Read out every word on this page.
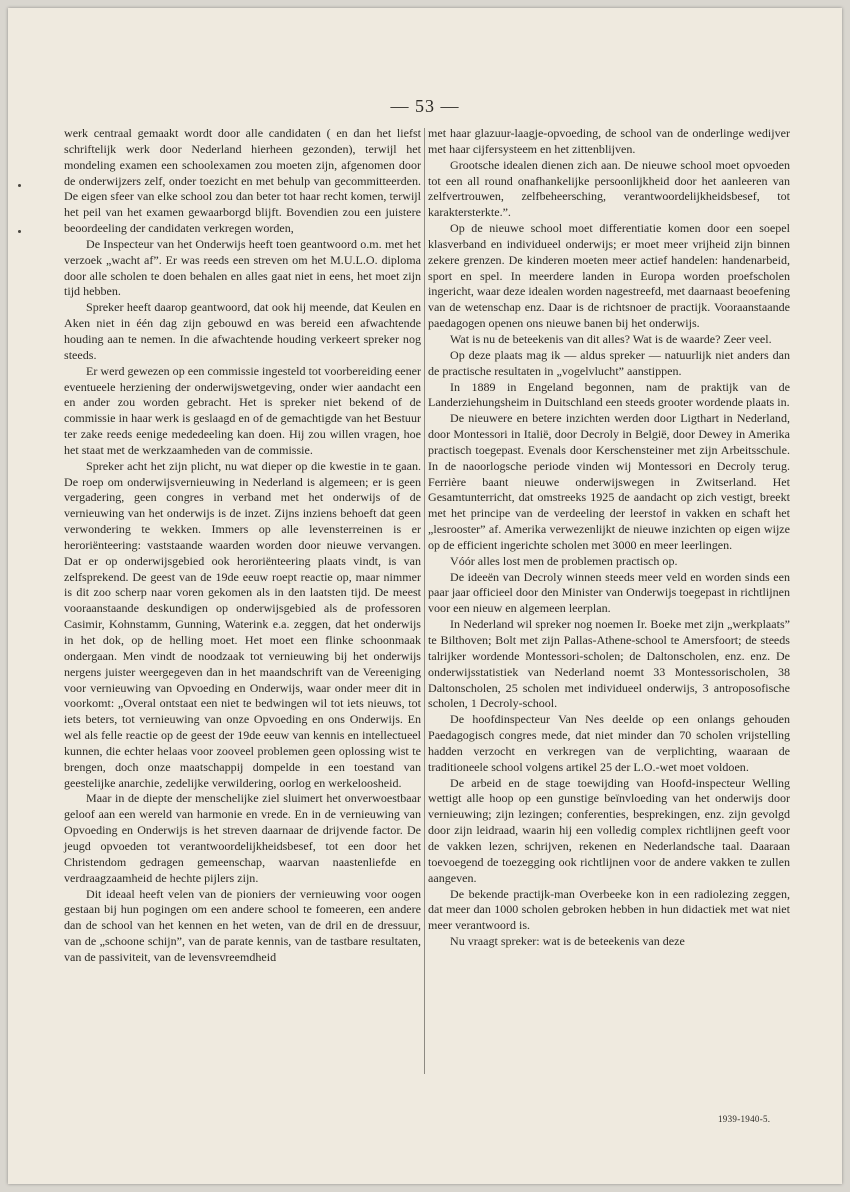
— 53 —

werk centraal gemaakt wordt door alle candidaten ( en dan het liefst schriftelijk werk door Nederland hierheen gezonden), terwijl het mondeling examen een schoolexamen zou moeten zijn, afgenomen door de onderwijzers zelf, onder toezicht en met behulp van gecommitteerden. De eigen sfeer van elke school zou dan beter tot haar recht komen, terwijl het peil van het examen gewaarborgd blijft. Bovendien zou een juistere beoordeeling der candidaten verkregen worden,

De Inspecteur van het Onderwijs heeft toen geantwoord o.m. met het verzoek „wacht af”. Er was reeds een streven om het M.U.L.O. diploma door alle scholen te doen behalen en alles gaat niet in eens, het moet zijn tijd hebben.

Spreker heeft daarop geantwoord, dat ook hij meende, dat Keulen en Aken niet in één dag zijn gebouwd en was bereid een afwachtende houding aan te nemen. In die afwachtende houding verkeert spreker nog steeds.

Er werd gewezen op een commissie ingesteld tot voorbereiding eener eventueele herziening der onderwijswetgeving, onder wier aandacht een en ander zou worden gebracht. Het is spreker niet bekend of de commissie in haar werk is geslaagd en of de gemachtigde van het Bestuur ter zake reeds eenige mededeeling kan doen. Hij zou willen vragen, hoe het staat met de werkzaamheden van de commissie.

Spreker acht het zijn plicht, nu wat dieper op die kwestie in te gaan. De roep om onderwijsvernieuwing in Nederland is algemeen; er is geen vergadering, geen congres in verband met het onderwijs of de vernieuwing van het onderwijs is de inzet. Zijns inziens behoeft dat geen verwondering te wekken. Immers op alle levensterreinen is er heroriënteering: vaststaande waarden worden door nieuwe vervangen. Dat er op onderwijsgebied ook heroriënteering plaats vindt, is van zelfsprekend. De geest van de 19de eeuw roept reactie op, maar nimmer is dit zoo scherp naar voren gekomen als in den laatsten tijd. De meest vooraanstaande deskundigen op onderwijsgebied als de professoren Casimir, Kohnstamm, Gunning, Waterink e.a. zeggen, dat het onderwijs in het dok, op de helling moet. Het moet een flinke schoonmaak ondergaan. Men vindt de noodzaak tot vernieuwing bij het onderwijs nergens juister weergegeven dan in het maandschrift van de Vereeniging voor vernieuwing van Opvoeding en Onderwijs, waar onder meer dit in voorkomt: „Overal ontstaat een niet te bedwingen wil tot iets nieuws, tot iets beters, tot vernieuwing van onze Opvoeding en ons Onderwijs. En wel als felle reactie op de geest der 19de eeuw van kennis en intellectueel kunnen, die echter helaas voor zooveel problemen geen oplossing wist te brengen, doch onze maatschappij dompelde in een toestand van geestelijke anarchie, zedelijke verwildering, oorlog en werkeloosheid.

Maar in de diepte der menschelijke ziel sluimert het onverwoestbaar geloof aan een wereld van harmonie en vrede. En in de vernieuwing van Opvoeding en Onderwijs is het streven daarnaar de drijvende factor. De jeugd opvoeden tot verantwoordelijkheidsbesef, tot een door het Christendom gedragen gemeenschap, waarvan naastenliefde en verdraagzaamheid de hechte pijlers zijn.

Dit ideaal heeft velen van de pioniers der vernieuwing voor oogen gestaan bij hun pogingen om een andere school te fomeeren, een andere dan de school van het kennen en het weten, van de dril en de dressuur, van de „schoone schijn”, van de parate kennis, van de tastbare resultaten, van de passiviteit, van de levensvreemdheid

met haar glazuur-laagje-opvoeding, de school van de onderlinge wedijver met haar cijfersysteem en het zittenblijven.

Grootsche idealen dienen zich aan. De nieuwe school moet opvoeden tot een all round onafhankelijke persoonlijkheid door het aanleeren van zelfvertrouwen, zelfbeheersching, verantwoordelijkheidsbesef, tot karaktersterkte.”.

Op de nieuwe school moet differentiatie komen door een soepel klasverband en individueel onderwijs; er moet meer vrijheid zijn binnen zekere grenzen. De kinderen moeten meer actief handelen: handenarbeid, sport en spel. In meerdere landen in Europa worden proefscholen ingericht, waar deze idealen worden nagestreefd, met daarnaast beoefening van de wetenschap enz. Daar is de richtsnoer de practijk. Vooraanstaande paedagogen openen ons nieuwe banen bij het onderwijs.

Wat is nu de beteekenis van dit alles? Wat is de waarde? Zeer veel.

Op deze plaats mag ik — aldus spreker — natuurlijk niet anders dan de practische resultaten in „vogelvlucht” aanstippen.

In 1889 in Engeland begonnen, nam de praktijk van de Landerziehungsheim in Duitschland een steeds grooter wordende plaats in.

De nieuwere en betere inzichten werden door Ligthart in Nederland, door Montessori in Italië, door Decroly in België, door Dewey in Amerika practisch toegepast. Evenals door Kerschensteiner met zijn Arbeitsschule. In de naoorlogsche periode vinden wij Montessori en Decroly terug. Ferrière baant nieuwe onderwijswegen in Zwitserland. Het Gesamtunterricht, dat omstreeks 1925 de aandacht op zich vestigt, breekt met het principe van de verdeeling der leerstof in vakken en schaft het „lesrooster” af. Amerika verwezenlijkt de nieuwe inzichten op eigen wijze op de efficient ingerichte scholen met 3000 en meer leerlingen.

Vóór alles lost men de problemen practisch op.

De ideeën van Decroly winnen steeds meer veld en worden sinds een paar jaar officieel door den Minister van Onderwijs toegepast in richtlijnen voor een nieuw en algemeen leerplan.

In Nederland wil spreker nog noemen Ir. Boeke met zijn „werkplaats” te Bilthoven; Bolt met zijn Pallas-Athene-school te Amersfoort; de steeds talrijker wordende Montessori-scholen; de Daltonscholen, enz. enz. De onderwijsstatistiek van Nederland noemt 33 Montessorischolen, 38 Daltonscholen, 25 scholen met individueel onderwijs, 3 antroposofische scholen, 1 Decroly-school.

De hoofdinspecteur Van Nes deelde op een onlangs gehouden Paedagogisch congres mede, dat niet minder dan 70 scholen vrijstelling hadden verzocht en verkregen van de verplichting, waaraan de traditioneele school volgens artikel 25 der L.O.-wet moet voldoen.

De arbeid en de stage toewijding van Hoofd-inspecteur Welling wettigt alle hoop op een gunstige beïnvloeding van het onderwijs door vernieuwing; zijn lezingen; conferenties, besprekingen, enz. zijn gevolgd door zijn leidraad, waarin hij een volledig complex richtlijnen geeft voor de vakken lezen, schrijven, rekenen en Nederlandsche taal. Daaraan toevoegend de toezegging ook richtlijnen voor de andere vakken te zullen aangeven.

De bekende practijk-man Overbeeke kon in een radiolezing zeggen, dat meer dan 1000 scholen gebroken hebben in hun didactiek met wat niet meer verantwoord is.

Nu vraagt spreker: wat is de beteekenis van deze

1939-1940-5.
